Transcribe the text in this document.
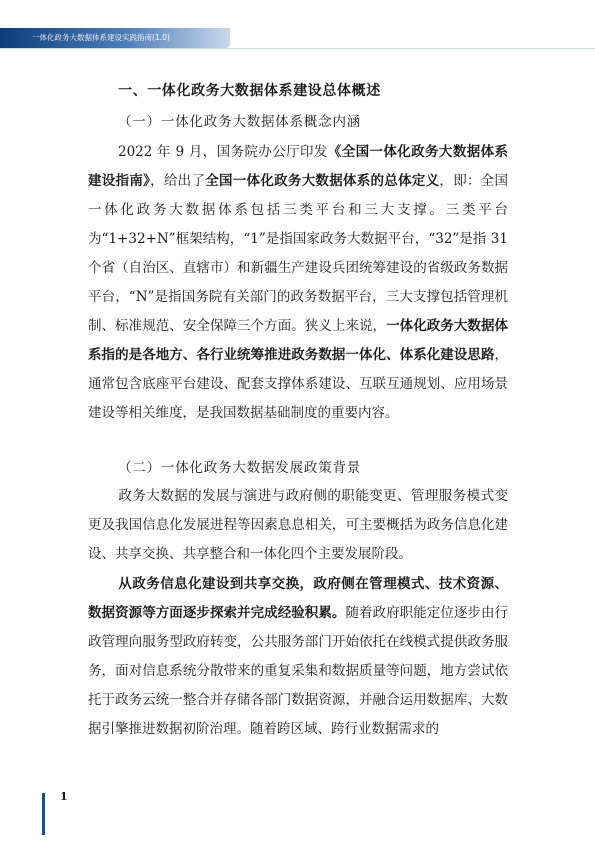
一体化政务大数据体系建设实践指南(1.0)
一、一体化政务大数据体系建设总体概述
（一）一体化政务大数据体系概念内涵

2022 年 9 月，国务院办公厅印发《全国一体化政务大数据体系建设指南》，给出了全国一体化政务大数据体系的总体定义，即：全国一体化政务大数据体系包括三类平台和三大支撑。三类平台为“1+32+N”框架结构，“1”是指国家政务大数据平台，“32”是指 31 个省（自治区、直辖市）和新疆生产建设兵团统筹建设的省级政务数据平台，“N”是指国务院有关部门的政务数据平台，三大支撑包括管理机制、标准规范、安全保障三个方面。狭义上来说，一体化政务大数据体系指的是各地方、各行业统筹推进政务数据一体化、体系化建设思路，通常包含底座平台建设、配套支撑体系建设、互联互通规划、应用场景建设等相关维度，是我国数据基础制度的重要内容。

（二）一体化政务大数据发展政策背景

政务大数据的发展与演进与政府侧的职能变更、管理服务模式变更及我国信息化发展进程等因素息息相关，可主要概括为政务信息化建设、共享交换、共享整合和一体化四个主要发展阶段。

从政务信息化建设到共享交换，政府侧在管理模式、技术资源、数据资源等方面逐步探索并完成经验积累。随着政府职能定位逐步由行政管理向服务型政府转变，公共服务部门开始依托在线模式提供政务服务，面对信息系统分散带来的重复采集和数据质量等问题，地方尝试依托于政务云统一整合并存储各部门数据资源，并融合运用数据库、大数据引擎推进数据初阶治理。随着跨区域、跨行业数据需求的

1
